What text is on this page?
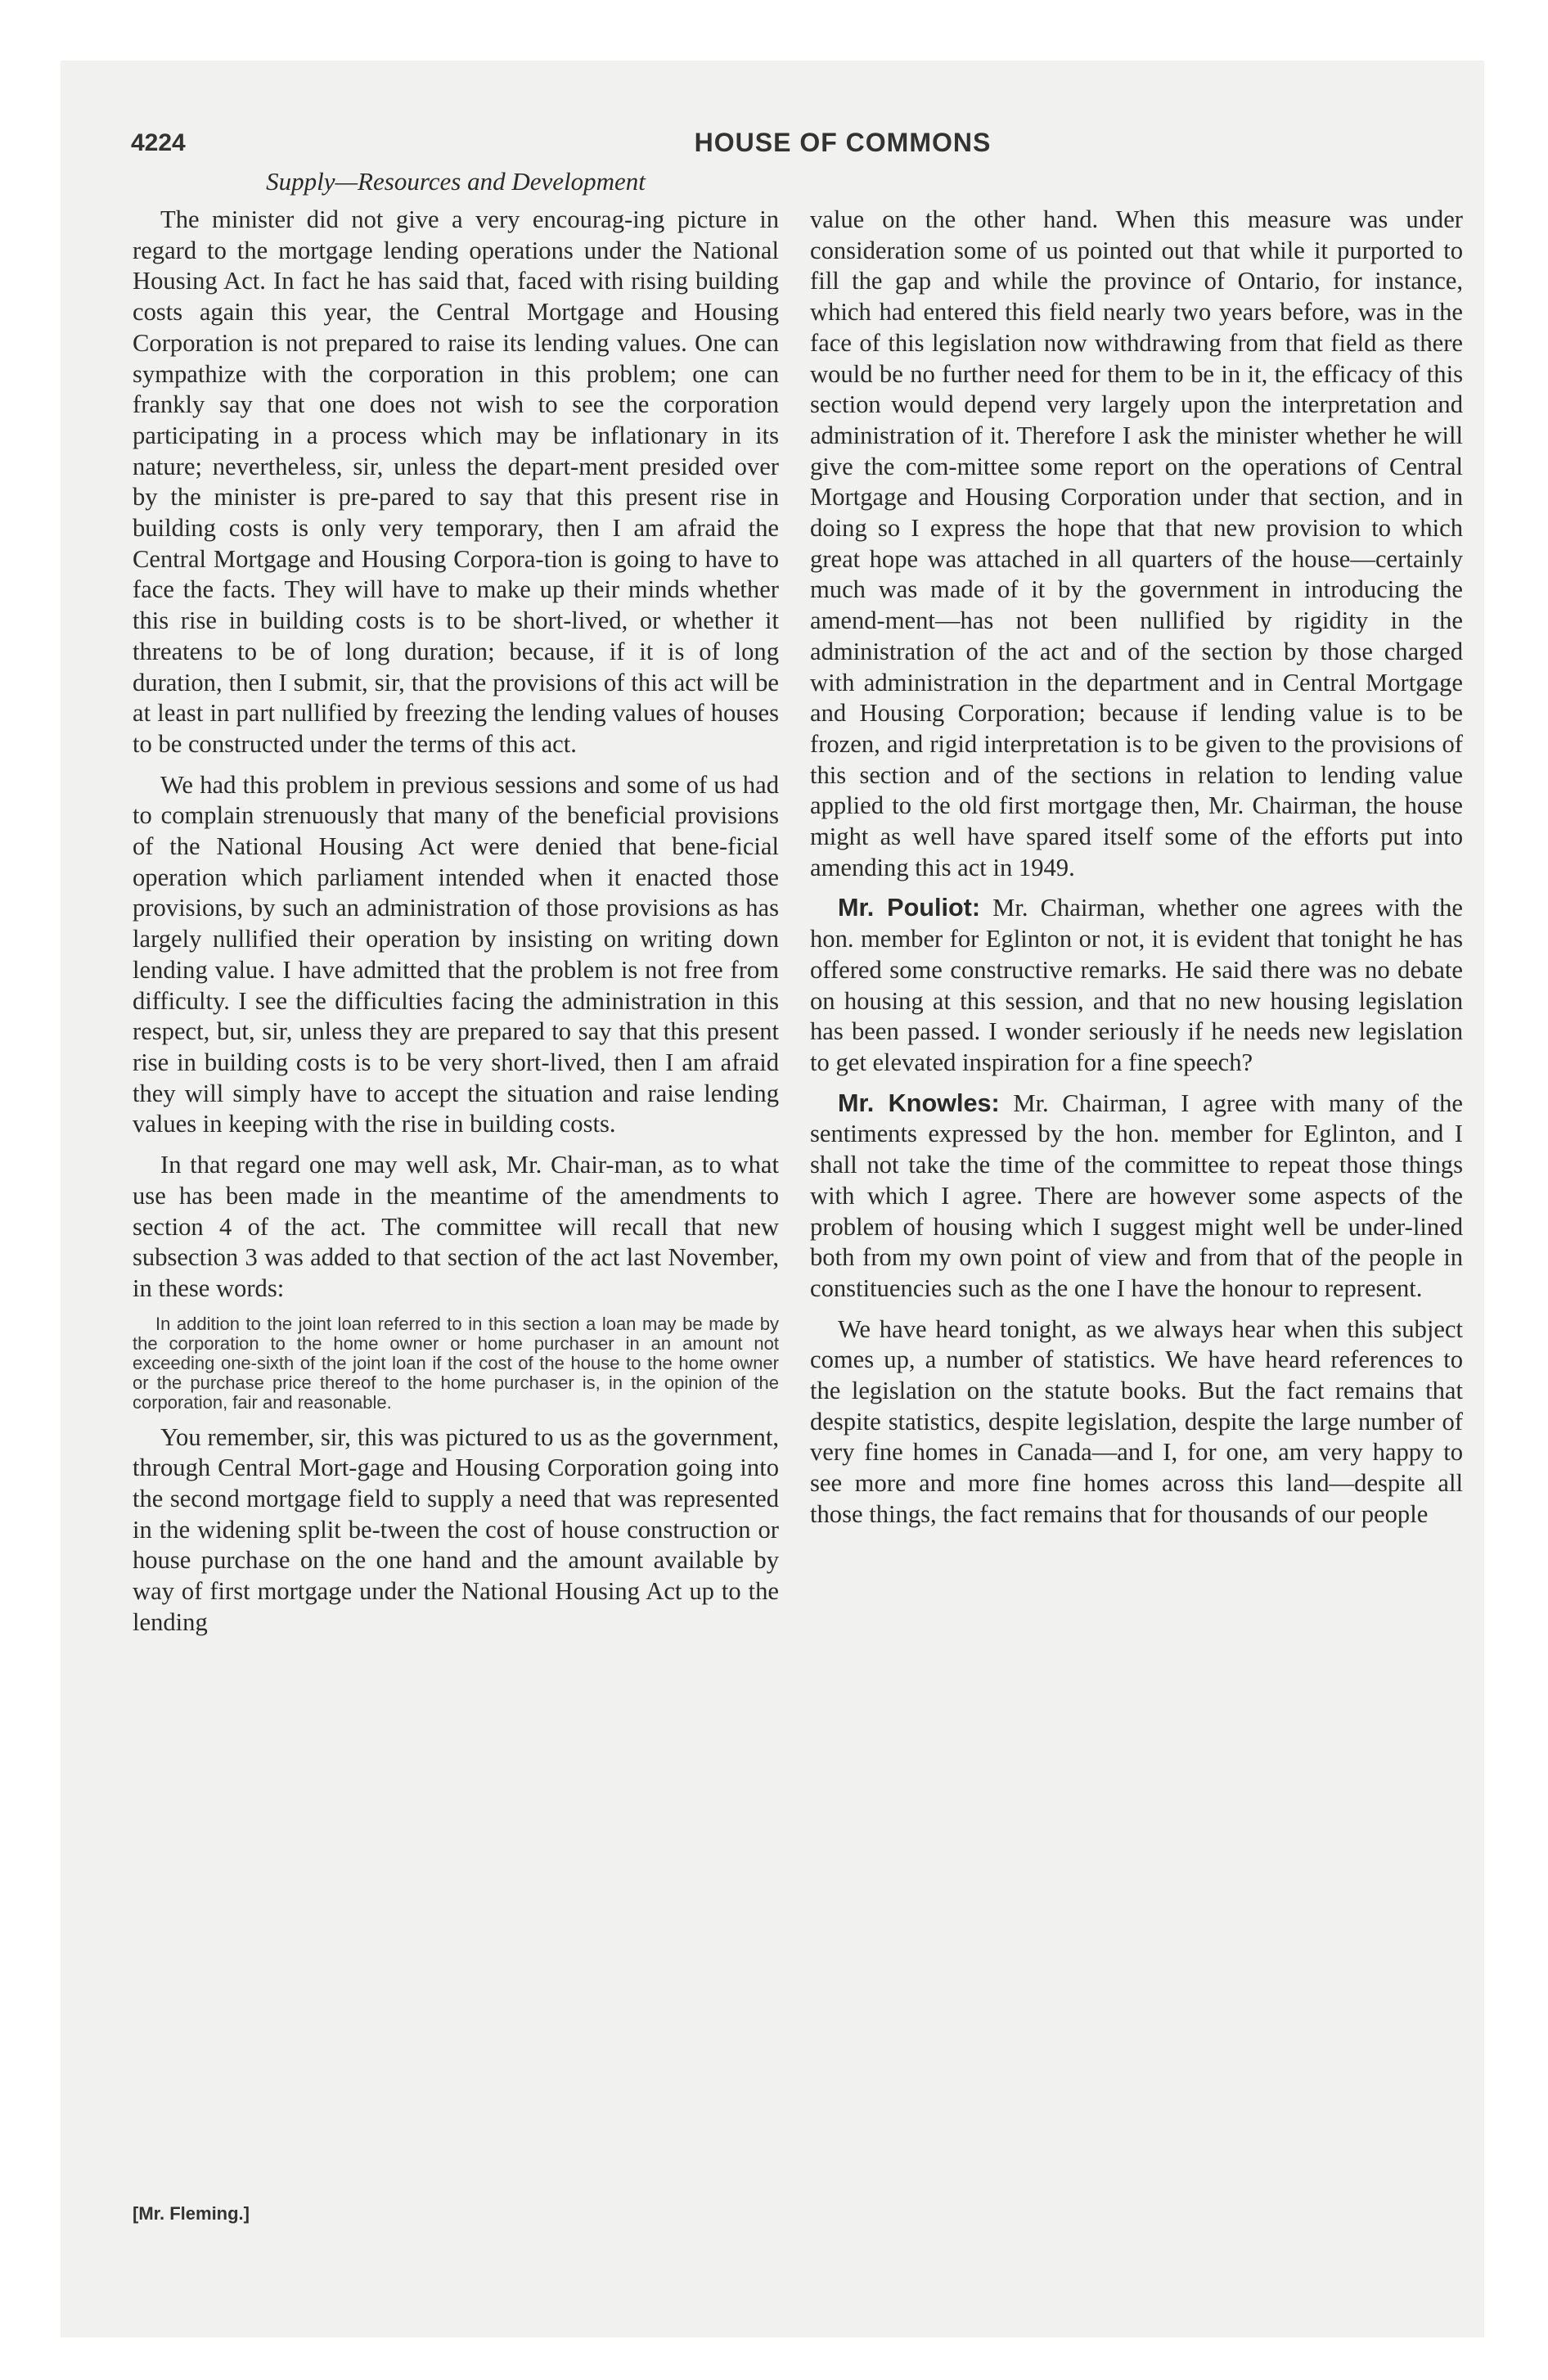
4224	HOUSE OF COMMONS
Supply—Resources and Development

The minister did not give a very encourag-ing picture in regard to the mortgage lending operations under the National Housing Act. In fact he has said that, faced with rising building costs again this year, the Central Mortgage and Housing Corporation is not prepared to raise its lending values. One can sympathize with the corporation in this problem; one can frankly say that one does not wish to see the corporation participating in a process which may be inflationary in its nature; nevertheless, sir, unless the depart-ment presided over by the minister is pre-pared to say that this present rise in building costs is only very temporary, then I am afraid the Central Mortgage and Housing Corpora-tion is going to have to face the facts. They will have to make up their minds whether this rise in building costs is to be short-lived, or whether it threatens to be of long duration; because, if it is of long duration, then I submit, sir, that the provisions of this act will be at least in part nullified by freezing the lending values of houses to be constructed under the terms of this act.

We had this problem in previous sessions and some of us had to complain strenuously that many of the beneficial provisions of the National Housing Act were denied that bene-ficial operation which parliament intended when it enacted those provisions, by such an administration of those provisions as has largely nullified their operation by insisting on writing down lending value. I have admitted that the problem is not free from difficulty. I see the difficulties facing the administration in this respect, but, sir, unless they are prepared to say that this present rise in building costs is to be very short-lived, then I am afraid they will simply have to accept the situation and raise lending values in keeping with the rise in building costs.

In that regard one may well ask, Mr. Chair-man, as to what use has been made in the meantime of the amendments to section 4 of the act. The committee will recall that new subsection 3 was added to that section of the act last November, in these words:

In addition to the joint loan referred to in this section a loan may be made by the corporation to the home owner or home purchaser in an amount not exceeding one-sixth of the joint loan if the cost of the house to the home owner or the purchase price thereof to the home purchaser is, in the opinion of the corporation, fair and reasonable.

You remember, sir, this was pictured to us as the government, through Central Mort-gage and Housing Corporation going into the second mortgage field to supply a need that was represented in the widening split be-tween the cost of house construction or house purchase on the one hand and the amount available by way of first mortgage under the National Housing Act up to the lending

value on the other hand. When this measure was under consideration some of us pointed out that while it purported to fill the gap and while the province of Ontario, for instance, which had entered this field nearly two years before, was in the face of this legislation now withdrawing from that field as there would be no further need for them to be in it, the efficacy of this section would depend very largely upon the interpretation and administration of it. Therefore I ask the minister whether he will give the com-mittee some report on the operations of Central Mortgage and Housing Corporation under that section, and in doing so I express the hope that that new provision to which great hope was attached in all quarters of the house—certainly much was made of it by the government in introducing the amend-ment—has not been nullified by rigidity in the administration of the act and of the section by those charged with administration in the department and in Central Mortgage and Housing Corporation; because if lending value is to be frozen, and rigid interpretation is to be given to the provisions of this section and of the sections in relation to lending value applied to the old first mortgage then, Mr. Chairman, the house might as well have spared itself some of the efforts put into amending this act in 1949.

Mr. Pouliot: Mr. Chairman, whether one agrees with the hon. member for Eglinton or not, it is evident that tonight he has offered some constructive remarks. He said there was no debate on housing at this session, and that no new housing legislation has been passed. I wonder seriously if he needs new legislation to get elevated inspiration for a fine speech?

Mr. Knowles: Mr. Chairman, I agree with many of the sentiments expressed by the hon. member for Eglinton, and I shall not take the time of the committee to repeat those things with which I agree. There are however some aspects of the problem of housing which I suggest might well be under-lined both from my own point of view and from that of the people in constituencies such as the one I have the honour to represent.

We have heard tonight, as we always hear when this subject comes up, a number of statistics. We have heard references to the legislation on the statute books. But the fact remains that despite statistics, despite legislation, despite the large number of very fine homes in Canada—and I, for one, am very happy to see more and more fine homes across this land—despite all those things, the fact remains that for thousands of our people

[Mr. Fleming.]
